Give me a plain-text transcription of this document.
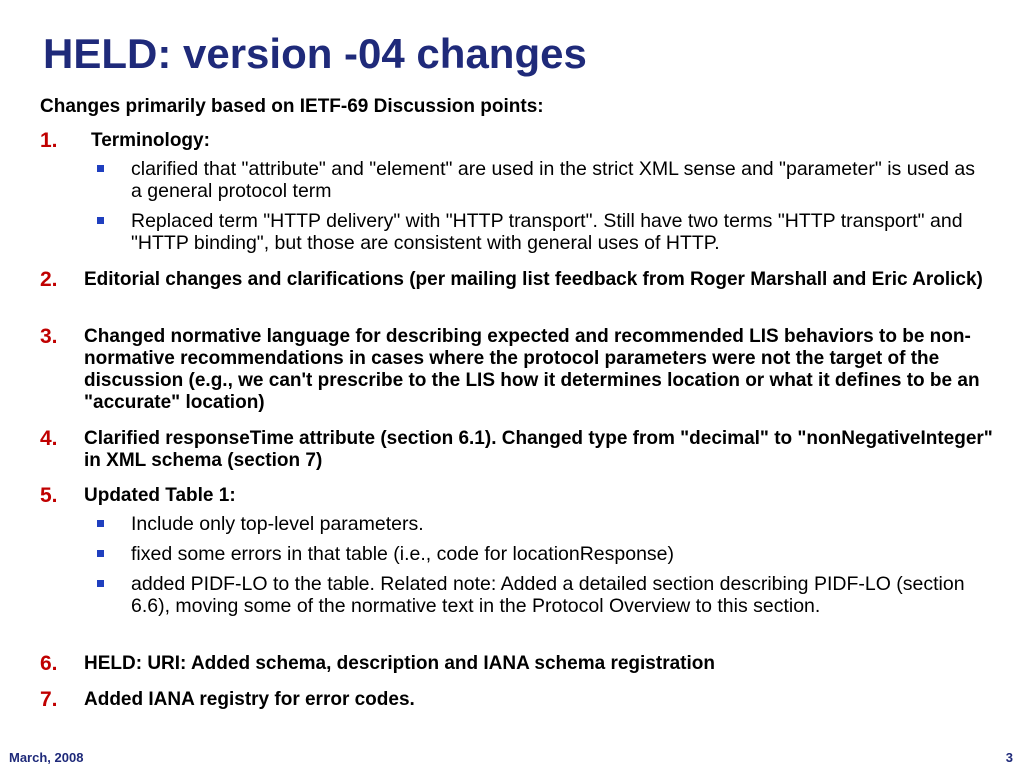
HELD: version -04 changes
Changes primarily based on IETF-69 Discussion points:
1. Terminology:
clarified that "attribute" and "element" are used in the strict XML sense and "parameter" is used as a general protocol term
Replaced term "HTTP delivery" with "HTTP transport". Still have two terms "HTTP transport" and "HTTP binding", but those are consistent with general uses of HTTP.
2. Editorial changes and clarifications (per mailing list feedback from Roger Marshall and Eric Arolick)
3. Changed normative language for describing expected and recommended LIS behaviors to be non-normative recommendations in cases where the protocol parameters were not the target of the discussion (e.g., we can't prescribe to the LIS how it determines location or what it defines to be an "accurate" location)
4. Clarified responseTime attribute (section 6.1). Changed type from "decimal" to "nonNegativeInteger" in XML schema (section 7)
5. Updated Table 1:
Include only top-level parameters.
fixed some errors in that table (i.e., code for locationResponse)
added PIDF-LO to the table. Related note: Added a detailed section describing PIDF-LO (section 6.6), moving some of the normative text in the Protocol Overview to this section.
6. HELD: URI: Added schema, description and IANA schema registration
7. Added IANA registry for error codes.
March, 2008	3
